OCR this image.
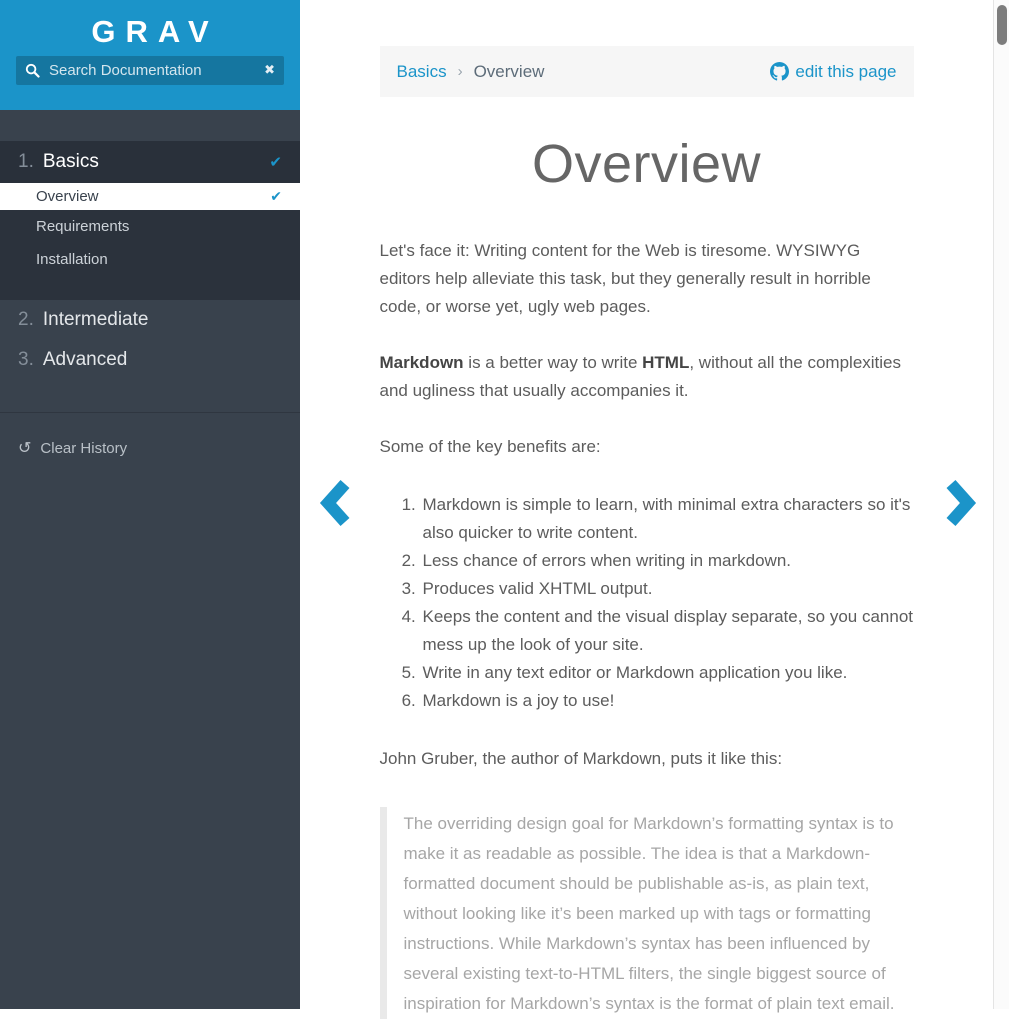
GRAV
Search Documentation
✖
1. Basics	✔
Overview	✔
Requirements
Installation
2. Intermediate
3. Advanced
↺ Clear History
Basics › Overview	edit this page
Overview

Let's face it: Writing content for the Web is tiresome. WYSIWYG editors help alleviate this task, but they generally result in horrible code, or worse yet, ugly web pages.

Markdown is a better way to write HTML, without all the complexities and ugliness that usually accompanies it.

Some of the key benefits are:

1. Markdown is simple to learn, with minimal extra characters so it's also quicker to write content.
2. Less chance of errors when writing in markdown.
3. Produces valid XHTML output.
4. Keeps the content and the visual display separate, so you cannot mess up the look of your site.
5. Write in any text editor or Markdown application you like.
6. Markdown is a joy to use!

John Gruber, the author of Markdown, puts it like this:

The overriding design goal for Markdown’s formatting syntax is to make it as readable as possible. The idea is that a Markdown-formatted document should be publishable as-is, as plain text, without looking like it’s been marked up with tags or formatting instructions. While Markdown’s syntax has been influenced by several existing text-to-HTML filters, the single biggest source of inspiration for Markdown’s syntax is the format of plain text email.
